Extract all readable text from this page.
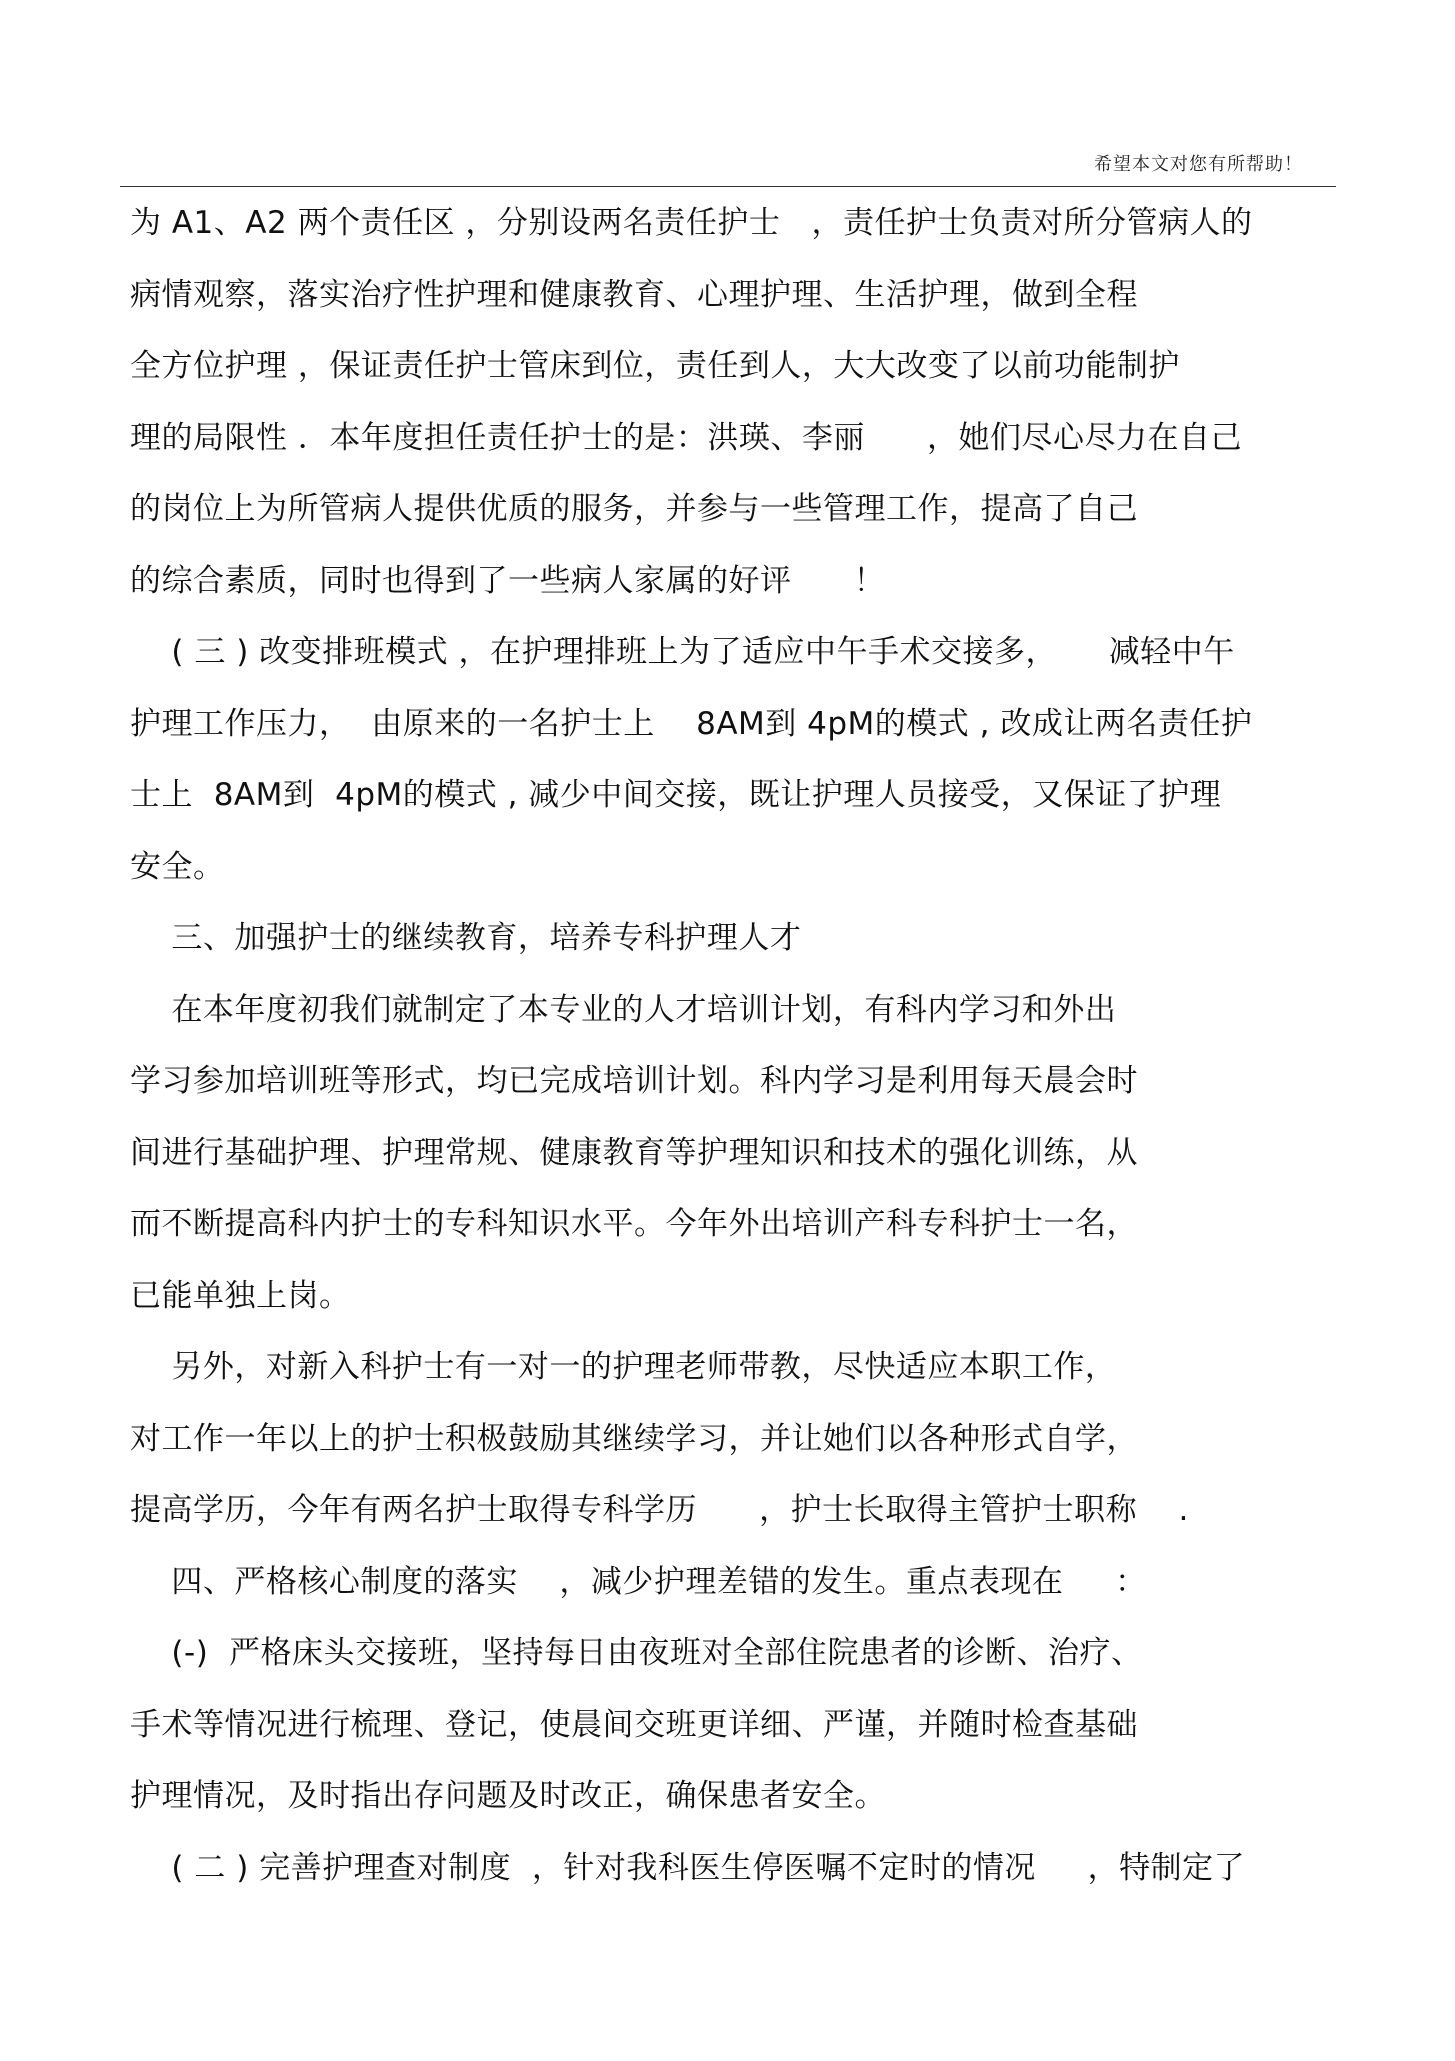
希望本文对您有所帮助！
为 A1、A2 两个责任区 ，分别设两名责任护士   ，责任护士负责对所分管病人的
病情观察，落实治疗性护理和健康教育、心理护理、生活护理，做到全程
全方位护理 ，保证责任护士管床到位，责任到人，大大改变了以前功能制护
理的局限性 ．本年度担任责任护士的是：洪瑛、李丽      ，她们尽心尽力在自己
的岗位上为所管病人提供优质的服务，并参与一些管理工作，提高了自己
的综合素质，同时也得到了一些病人家属的好评      ！
( 三 ) 改变排班模式 ，在护理排班上为了适应中午手术交接多，     减轻中午
护理工作压力，  由原来的一名护士上    8AM到 4pM的模式 , 改成让两名责任护
士上  8AM到  4pM的模式 , 减少中间交接，既让护理人员接受，又保证了护理
安全。
三、加强护士的继续教育，培养专科护理人才
在本年度初我们就制定了本专业的人才培训计划，有科内学习和外出
学习参加培训班等形式，均已完成培训计划。科内学习是利用每天晨会时
间进行基础护理、护理常规、健康教育等护理知识和技术的强化训练，从
而不断提高科内护士的专科知识水平。今年外出培训产科专科护士一名，
已能单独上岗。
另外，对新入科护士有一对一的护理老师带教，尽快适应本职工作，
对工作一年以上的护士积极鼓励其继续学习，并让她们以各种形式自学，
提高学历，今年有两名护士取得专科学历      ，护士长取得主管护士职称    .
四、严格核心制度的落实    ，减少护理差错的发生。重点表现在     ：
(-)  严格床头交接班，坚持每日由夜班对全部住院患者的诊断、治疗、
手术等情况进行梳理、登记，使晨间交班更详细、严谨，并随时检查基础
护理情况，及时指出存问题及时改正，确保患者安全。
( 二 ) 完善护理查对制度  ，针对我科医生停医嘱不定时的情况     ，特制定了
